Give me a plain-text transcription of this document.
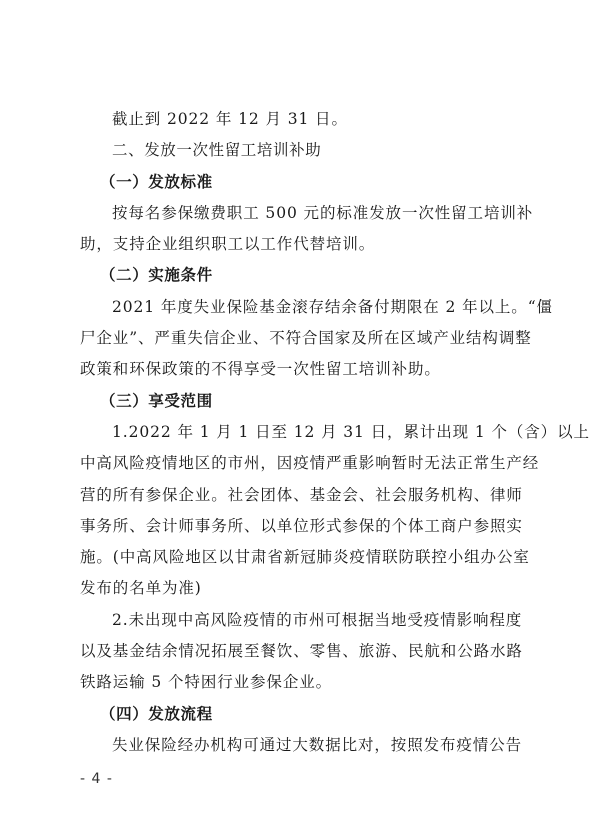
截止到 2022 年 12 月 31 日。
二、发放一次性留工培训补助
（一）发放标准
按每名参保缴费职工 500 元的标准发放一次性留工培训补
助，支持企业组织职工以工作代替培训。
（二）实施条件
2021 年度失业保险基金滚存结余备付期限在 2 年以上。“僵
尸企业”、严重失信企业、不符合国家及所在区域产业结构调整
政策和环保政策的不得享受一次性留工培训补助。
（三）享受范围
1.2022 年 1 月 1 日至 12 月 31 日，累计出现 1 个（含）以上
中高风险疫情地区的市州，因疫情严重影响暂时无法正常生产经
营的所有参保企业。社会团体、基金会、社会服务机构、律师
事务所、会计师事务所、以单位形式参保的个体工商户参照实
施。(中高风险地区以甘肃省新冠肺炎疫情联防联控小组办公室
发布的名单为准)
2.未出现中高风险疫情的市州可根据当地受疫情影响程度
以及基金结余情况拓展至餐饮、零售、旅游、民航和公路水路
铁路运输 5 个特困行业参保企业。
（四）发放流程
失业保险经办机构可通过大数据比对，按照发布疫情公告
- 4 -
